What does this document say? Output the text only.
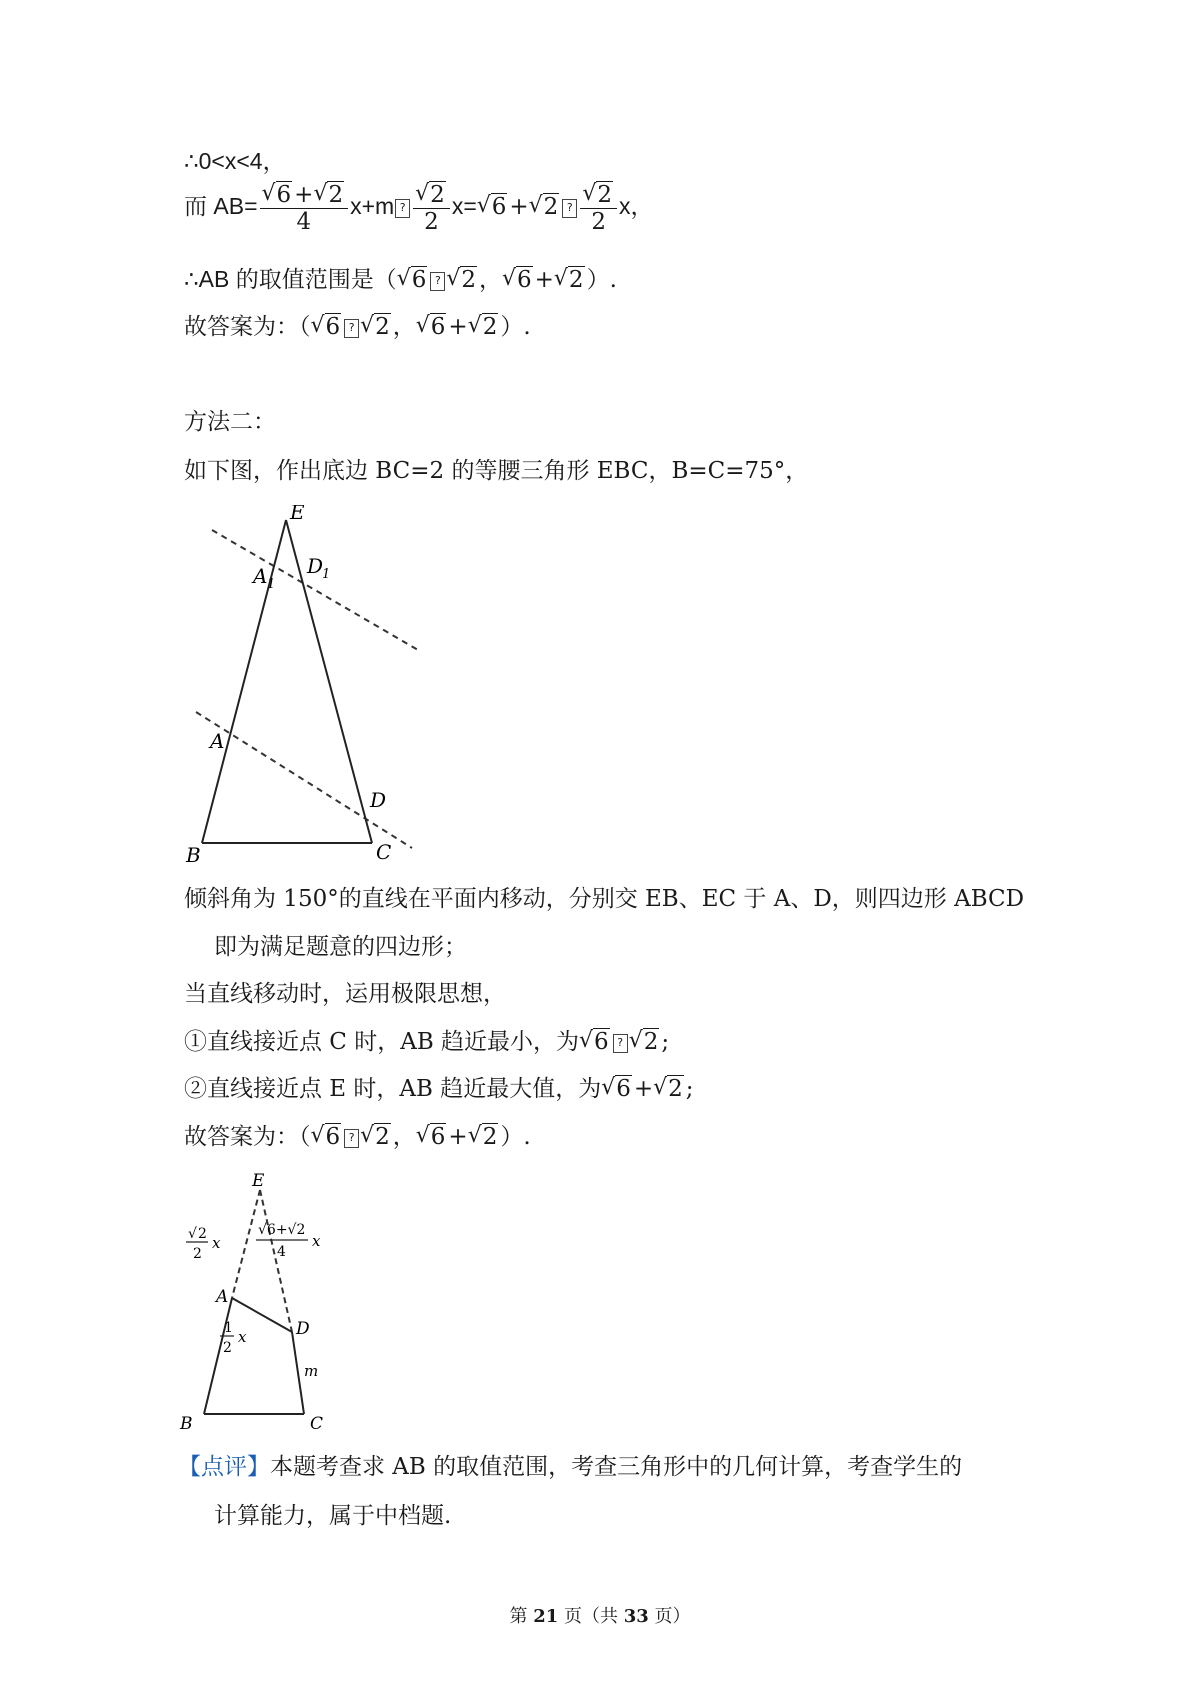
∴0<x<4，
而 AB=
√ $\frac{6 +√ 2}{4} x+m$ ?
√ $\frac{2}{2} x=√$ 6 +√ 2 ?
√ $\frac{2}{2}$ x，
∴AB 的取值范围是（√ 6 ?√ 2 ，√ 6 +√ 2 ）.
故答案为：（√ 6 ?√ 2 ，√ 6 +√ 2 ）.
方法二：
如下图，作出底边 BC=2 的等腰三角形 EBC，B=C=75°，
E
A 1
D
1
A
D
B	C
倾斜角为 150°的直线在平面内移动，分别交 EB、EC 于 A、D，则四边形 ABCD
即为满足题意的四边形；
当直线移动时，运用极限思想，
①直线接近点 C 时，AB 趋近最小，为√ 6 ?√ 2 ;
②直线接近点 E 时，AB 趋近最大值，为√ 6 +√ 2 ;
故答案为：（√ 6 ?√ 2 ，√ 6 +√ 2 ）.
E
A
D
B	C
m
√ 2
2
x
√6+√2
4
x
1
2
x
【点评】本题考查求 AB 的取值范围，考查三角形中的几何计算，考查学生的
计算能力，属于中档题.
第 21 页（共 33 页）
